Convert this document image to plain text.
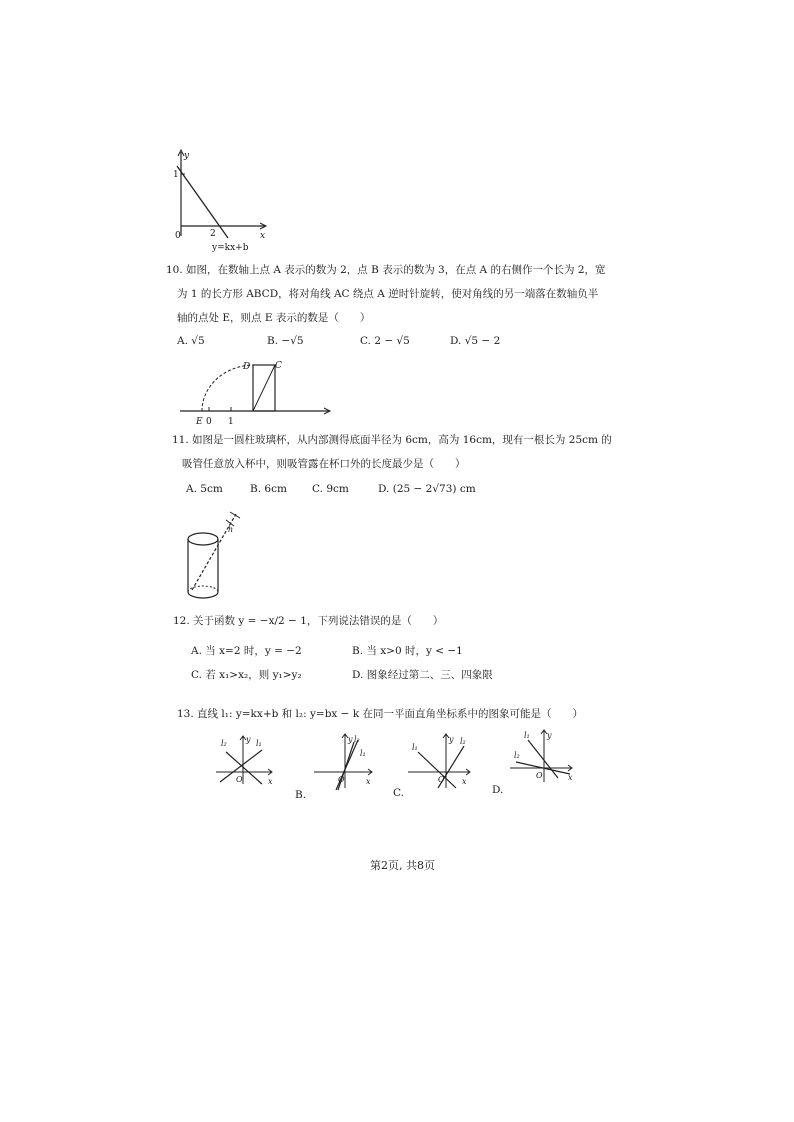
y
x
0	2
1
y=kx+b
10. 如图，在数轴上点 A 表示的数为 2，点 B 表示的数为 3，在点 A 的右侧作一个长为 2，宽
为 1 的长方形 ABCD，将对角线 AC 绕点 A 逆时针旋转，使对角线的另一端落在数轴负半
轴的点处 E，则点 E 表示的数是（　　）
A. √5	B. −√5	C. 2 − √5	D. √5 − 2
D	C
E 0 1
11. 如图是一圆柱玻璃杯，从内部测得底面半径为 6cm，高为 16cm，现有一根长为 25cm 的
吸管任意放入杯中，则吸管露在杯口外的长度最少是（　　）
A. 5cm	B. 6cm C. 9cm	D. (25 − 2√73) cm
h
12. 关于函数 y = −x/2 − 1，下列说法错误的是（　　）
A. 当 x=2 时，y = −2	B. 当 x>0 时，y < −1
C. 若 x₁>x₂，则 y₁>y₂	D. 图象经过第二、三、四象限
13. 直线 l₁: y=kx+b 和 l₂: y=bx − k 在同一平面直角坐标系中的图象可能是（　　）
l₂	l₁
y
x
O
B.
y l₂
l₁
x
O
C.
l₁
y l₂
x
O
D.
l₁ y
l₂
x
O
第2页, 共8页
